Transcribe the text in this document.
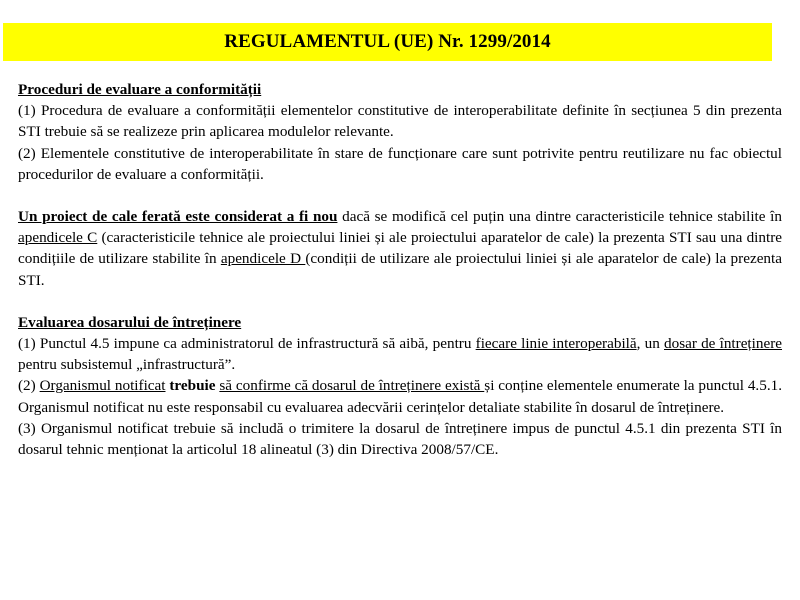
REGULAMENTUL (UE) Nr. 1299/2014

Proceduri de evaluare a conformității

(1) Procedura de evaluare a conformității elementelor constitutive de interoperabilitate definite în secțiunea 5 din prezenta STI trebuie să se realizeze prin aplicarea modulelor relevante.

(2) Elementele constitutive de interoperabilitate în stare de funcționare care sunt potrivite pentru reutilizare nu fac obiectul procedurilor de evaluare a conformității.

Un proiect de cale ferată este considerat a fi nou dacă se modifică cel puțin una dintre caracteristicile tehnice stabilite în apendicele C (caracteristicile tehnice ale proiectului liniei și ale proiectului aparatelor de cale) la prezenta STI sau una dintre condițiile de utilizare stabilite în apendicele D (condiții de utilizare ale proiectului liniei și ale aparatelor de cale) la prezenta STI.

Evaluarea dosarului de întreținere

(1) Punctul 4.5 impune ca administratorul de infrastructură să aibă, pentru fiecare linie interoperabilă, un dosar de întreținere pentru subsistemul „infrastructură”.

(2) Organismul notificat trebuie să confirme că dosarul de întreținere există și conține elementele enumerate la punctul 4.5.1. Organismul notificat nu este responsabil cu evaluarea adecvării cerințelor detaliate stabilite în dosarul de întreținere.

(3) Organismul notificat trebuie să includă o trimitere la dosarul de întreținere impus de punctul 4.5.1 din prezenta STI în dosarul tehnic menționat la articolul 18 alineatul (3) din Directiva 2008/57/CE.
